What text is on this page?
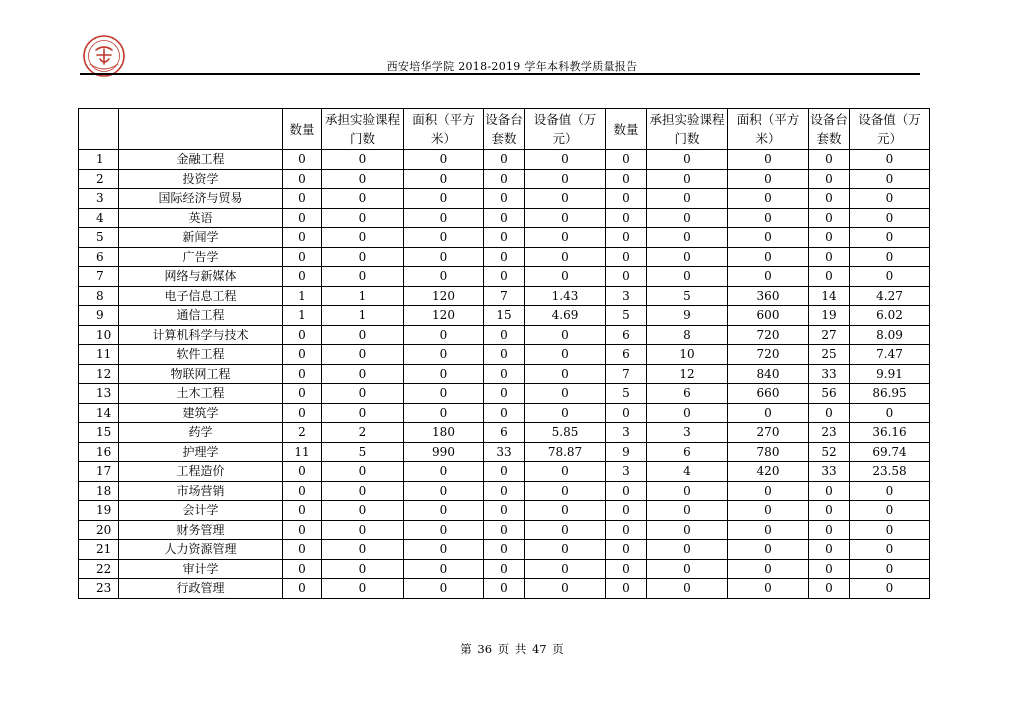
西安培华学院 2018-2019 学年本科教学质量报告
		数量	承担实验课程门数	面积（平方米）	设备台套数	设备值（万元）	数量	承担实验课程门数	面积（平方米）	设备台套数	设备值（万元）
1	金融工程	0	0	0	0	0	0	0	0	0	0
2	投资学	0	0	0	0	0	0	0	0	0	0
3	国际经济与贸易	0	0	0	0	0	0	0	0	0	0
4	英语	0	0	0	0	0	0	0	0	0	0
5	新闻学	0	0	0	0	0	0	0	0	0	0
6	广告学	0	0	0	0	0	0	0	0	0	0
7	网络与新媒体	0	0	0	0	0	0	0	0	0	0
8	电子信息工程	1	1	120	7	1.43	3	5	360	14	4.27
9	通信工程	1	1	120	15	4.69	5	9	600	19	6.02
10	计算机科学与技术	0	0	0	0	0	6	8	720	27	8.09
11	软件工程	0	0	0	0	0	6	10	720	25	7.47
12	物联网工程	0	0	0	0	0	7	12	840	33	9.91
13	土木工程	0	0	0	0	0	5	6	660	56	86.95
14	建筑学	0	0	0	0	0	0	0	0	0	0
15	药学	2	2	180	6	5.85	3	3	270	23	36.16
16	护理学	11	5	990	33	78.87	9	6	780	52	69.74
17	工程造价	0	0	0	0	0	3	4	420	33	23.58
18	市场营销	0	0	0	0	0	0	0	0	0	0
19	会计学	0	0	0	0	0	0	0	0	0	0
20	财务管理	0	0	0	0	0	0	0	0	0	0
21	人力资源管理	0	0	0	0	0	0	0	0	0	0
22	审计学	0	0	0	0	0	0	0	0	0	0
23	行政管理	0	0	0	0	0	0	0	0	0	0
第 36 页 共 47 页
